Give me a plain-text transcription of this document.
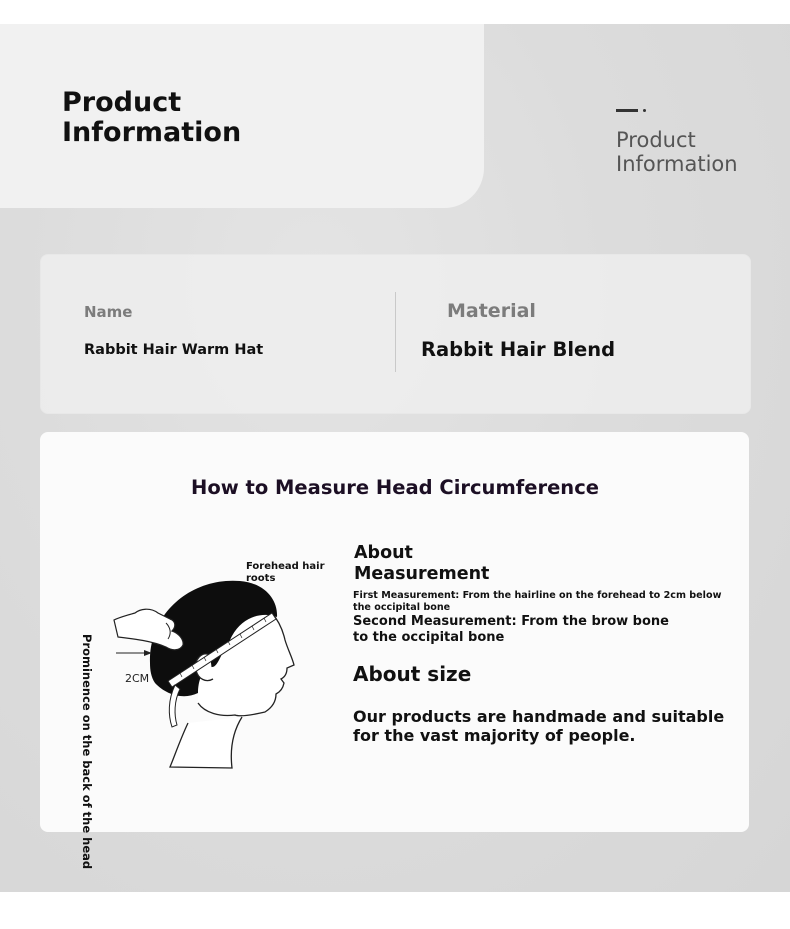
Product
Information	Product
Information
Name
Rabbit Hair Warm Hat
Material
Rabbit Hair Blend
How to Measure Head Circumference
Forehead hair roots
2CM
Prominence on the back of the head
About
Measurement

First Measurement: From the hairline on the forehead to 2cm below the occipital bone

Second Measurement: From the brow bone to the occipital bone

About size

Our products are handmade and suitable for the vast majority of people.
